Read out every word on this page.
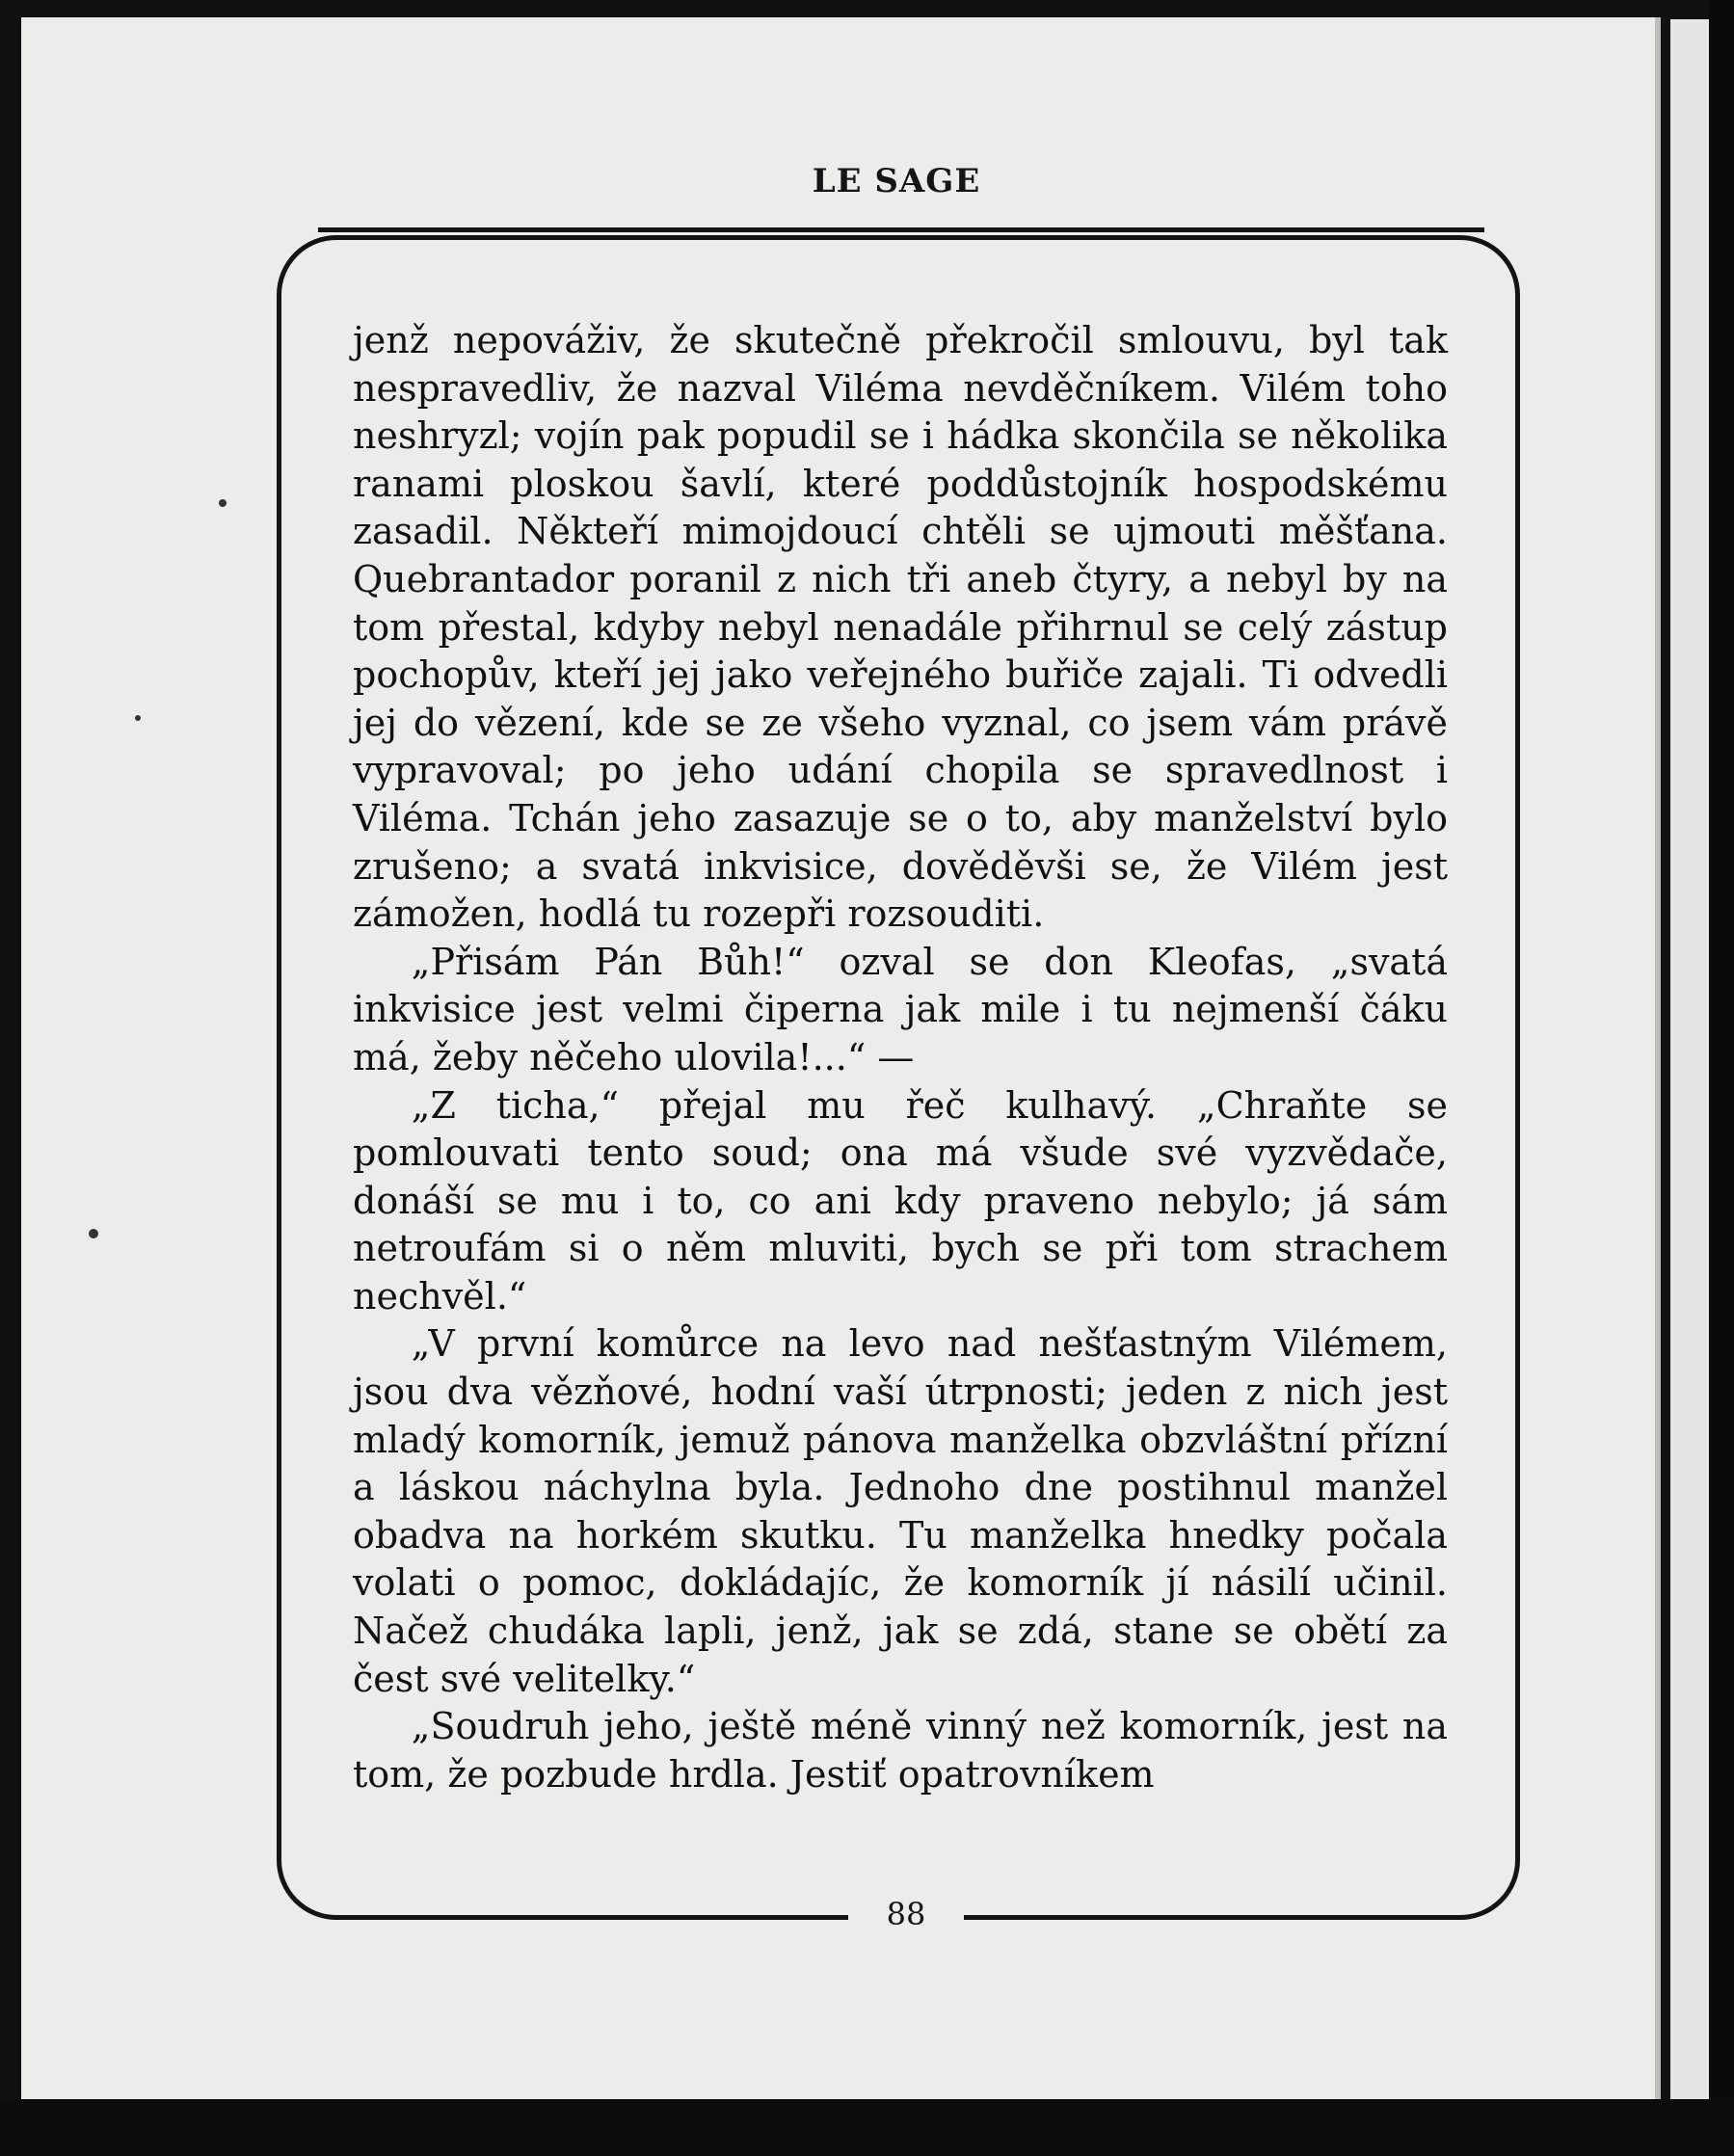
LE SAGE

jenž nepováživ, že skutečně překročil smlouvu, byl tak nespravedliv, že nazval Viléma nevděčníkem. Vilém toho neshryzl; vojín pak popudil se i hádka skončila se několika ranami ploskou šavlí, které poddůstojník hospodskému zasadil. Někteří mimojdoucí chtěli se ujmouti měšťana. Quebrantador poranil z nich tři aneb čtyry, a nebyl by na tom přestal, kdyby nebyl nenadále přihrnul se celý zástup pochopův, kteří jej jako veřejného buřiče zajali. Ti odvedli jej do vězení, kde se ze všeho vyznal, co jsem vám právě vypravoval; po jeho udání chopila se spravedlnost i Viléma. Tchán jeho zasazuje se o to, aby manželství bylo zrušeno; a svatá inkvisice, dověděvši se, že Vilém jest zámožen, hodlá tu rozepři rozsouditi.

„Přisám Pán Bůh!“ ozval se don Kleofas, „svatá inkvisice jest velmi čiperna jak mile i tu nejmenší čáku má, žeby něčeho ulovila!...“ —

„Z ticha,“ přejal mu řeč kulhavý. „Chraňte se pomlouvati tento soud; ona má všude své vyzvědače, donáší se mu i to, co ani kdy praveno nebylo; já sám netroufám si o něm mluviti, bych se při tom strachem nechvěl.“

„V první komůrce na levo nad nešťastným Vilémem, jsou dva vězňové, hodní vaší útrpnosti; jeden z nich jest mladý komorník, jemuž pánova manželka obzvláštní přízní a láskou náchylna byla. Jednoho dne postihnul manžel obadva na horkém skutku. Tu manželka hnedky počala volati o pomoc, dokládajíc, že komorník jí násilí učinil. Načež chudáka lapli, jenž, jak se zdá, stane se obětí za čest své velitelky.“

„Soudruh jeho, ještě méně vinný než komorník, jest na tom, že pozbude hrdla. Jestiť opatrovníkem

88
